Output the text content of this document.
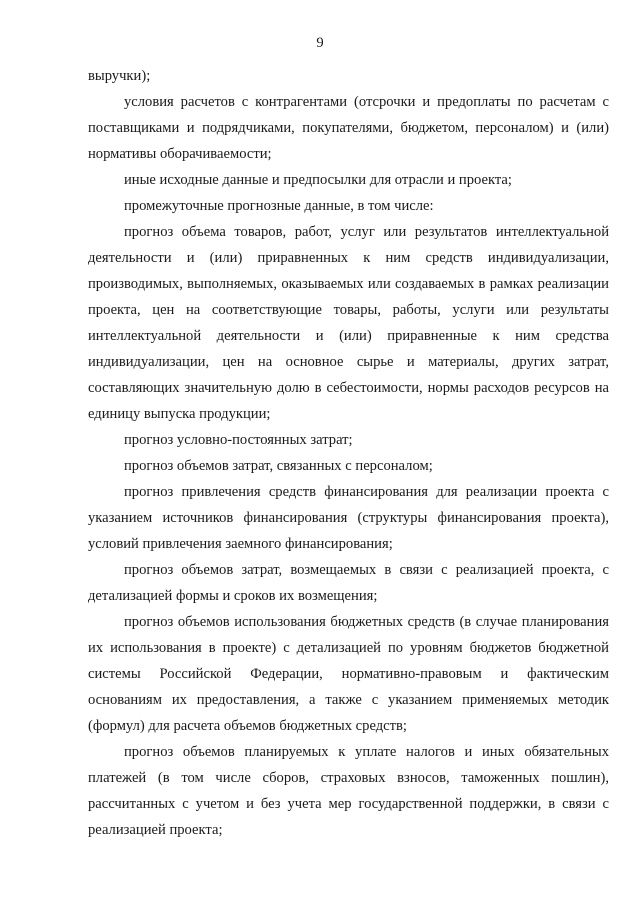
9

выручки);

условия расчетов с контрагентами (отсрочки и предоплаты по расчетам с поставщиками и подрядчиками, покупателями, бюджетом, персоналом) и (или) нормативы оборачиваемости;

иные исходные данные и предпосылки для отрасли и проекта;

промежуточные прогнозные данные, в том числе:

прогноз объема товаров, работ, услуг или результатов интеллектуальной деятельности и (или) приравненных к ним средств индивидуализации, производимых, выполняемых, оказываемых или создаваемых в рамках реализации проекта, цен на соответствующие товары, работы, услуги или результаты интеллектуальной деятельности и (или) приравненные к ним средства индивидуализации, цен на основное сырье и материалы, других затрат, составляющих значительную долю в себестоимости, нормы расходов ресурсов на единицу выпуска продукции;

прогноз условно-постоянных затрат;

прогноз объемов затрат, связанных с персоналом;

прогноз привлечения средств финансирования для реализации проекта с указанием источников финансирования (структуры финансирования проекта), условий привлечения заемного финансирования;

прогноз объемов затрат, возмещаемых в связи с реализацией проекта, с детализацией формы и сроков их возмещения;

прогноз объемов использования бюджетных средств (в случае планирования их использования в проекте) с детализацией по уровням бюджетов бюджетной системы Российской Федерации, нормативно-правовым и фактическим основаниям их предоставления, а также с указанием применяемых методик (формул) для расчета объемов бюджетных средств;

прогноз объемов планируемых к уплате налогов и иных обязательных платежей (в том числе сборов, страховых взносов, таможенных пошлин), рассчитанных с учетом и без учета мер государственной поддержки, в связи с реализацией проекта;
